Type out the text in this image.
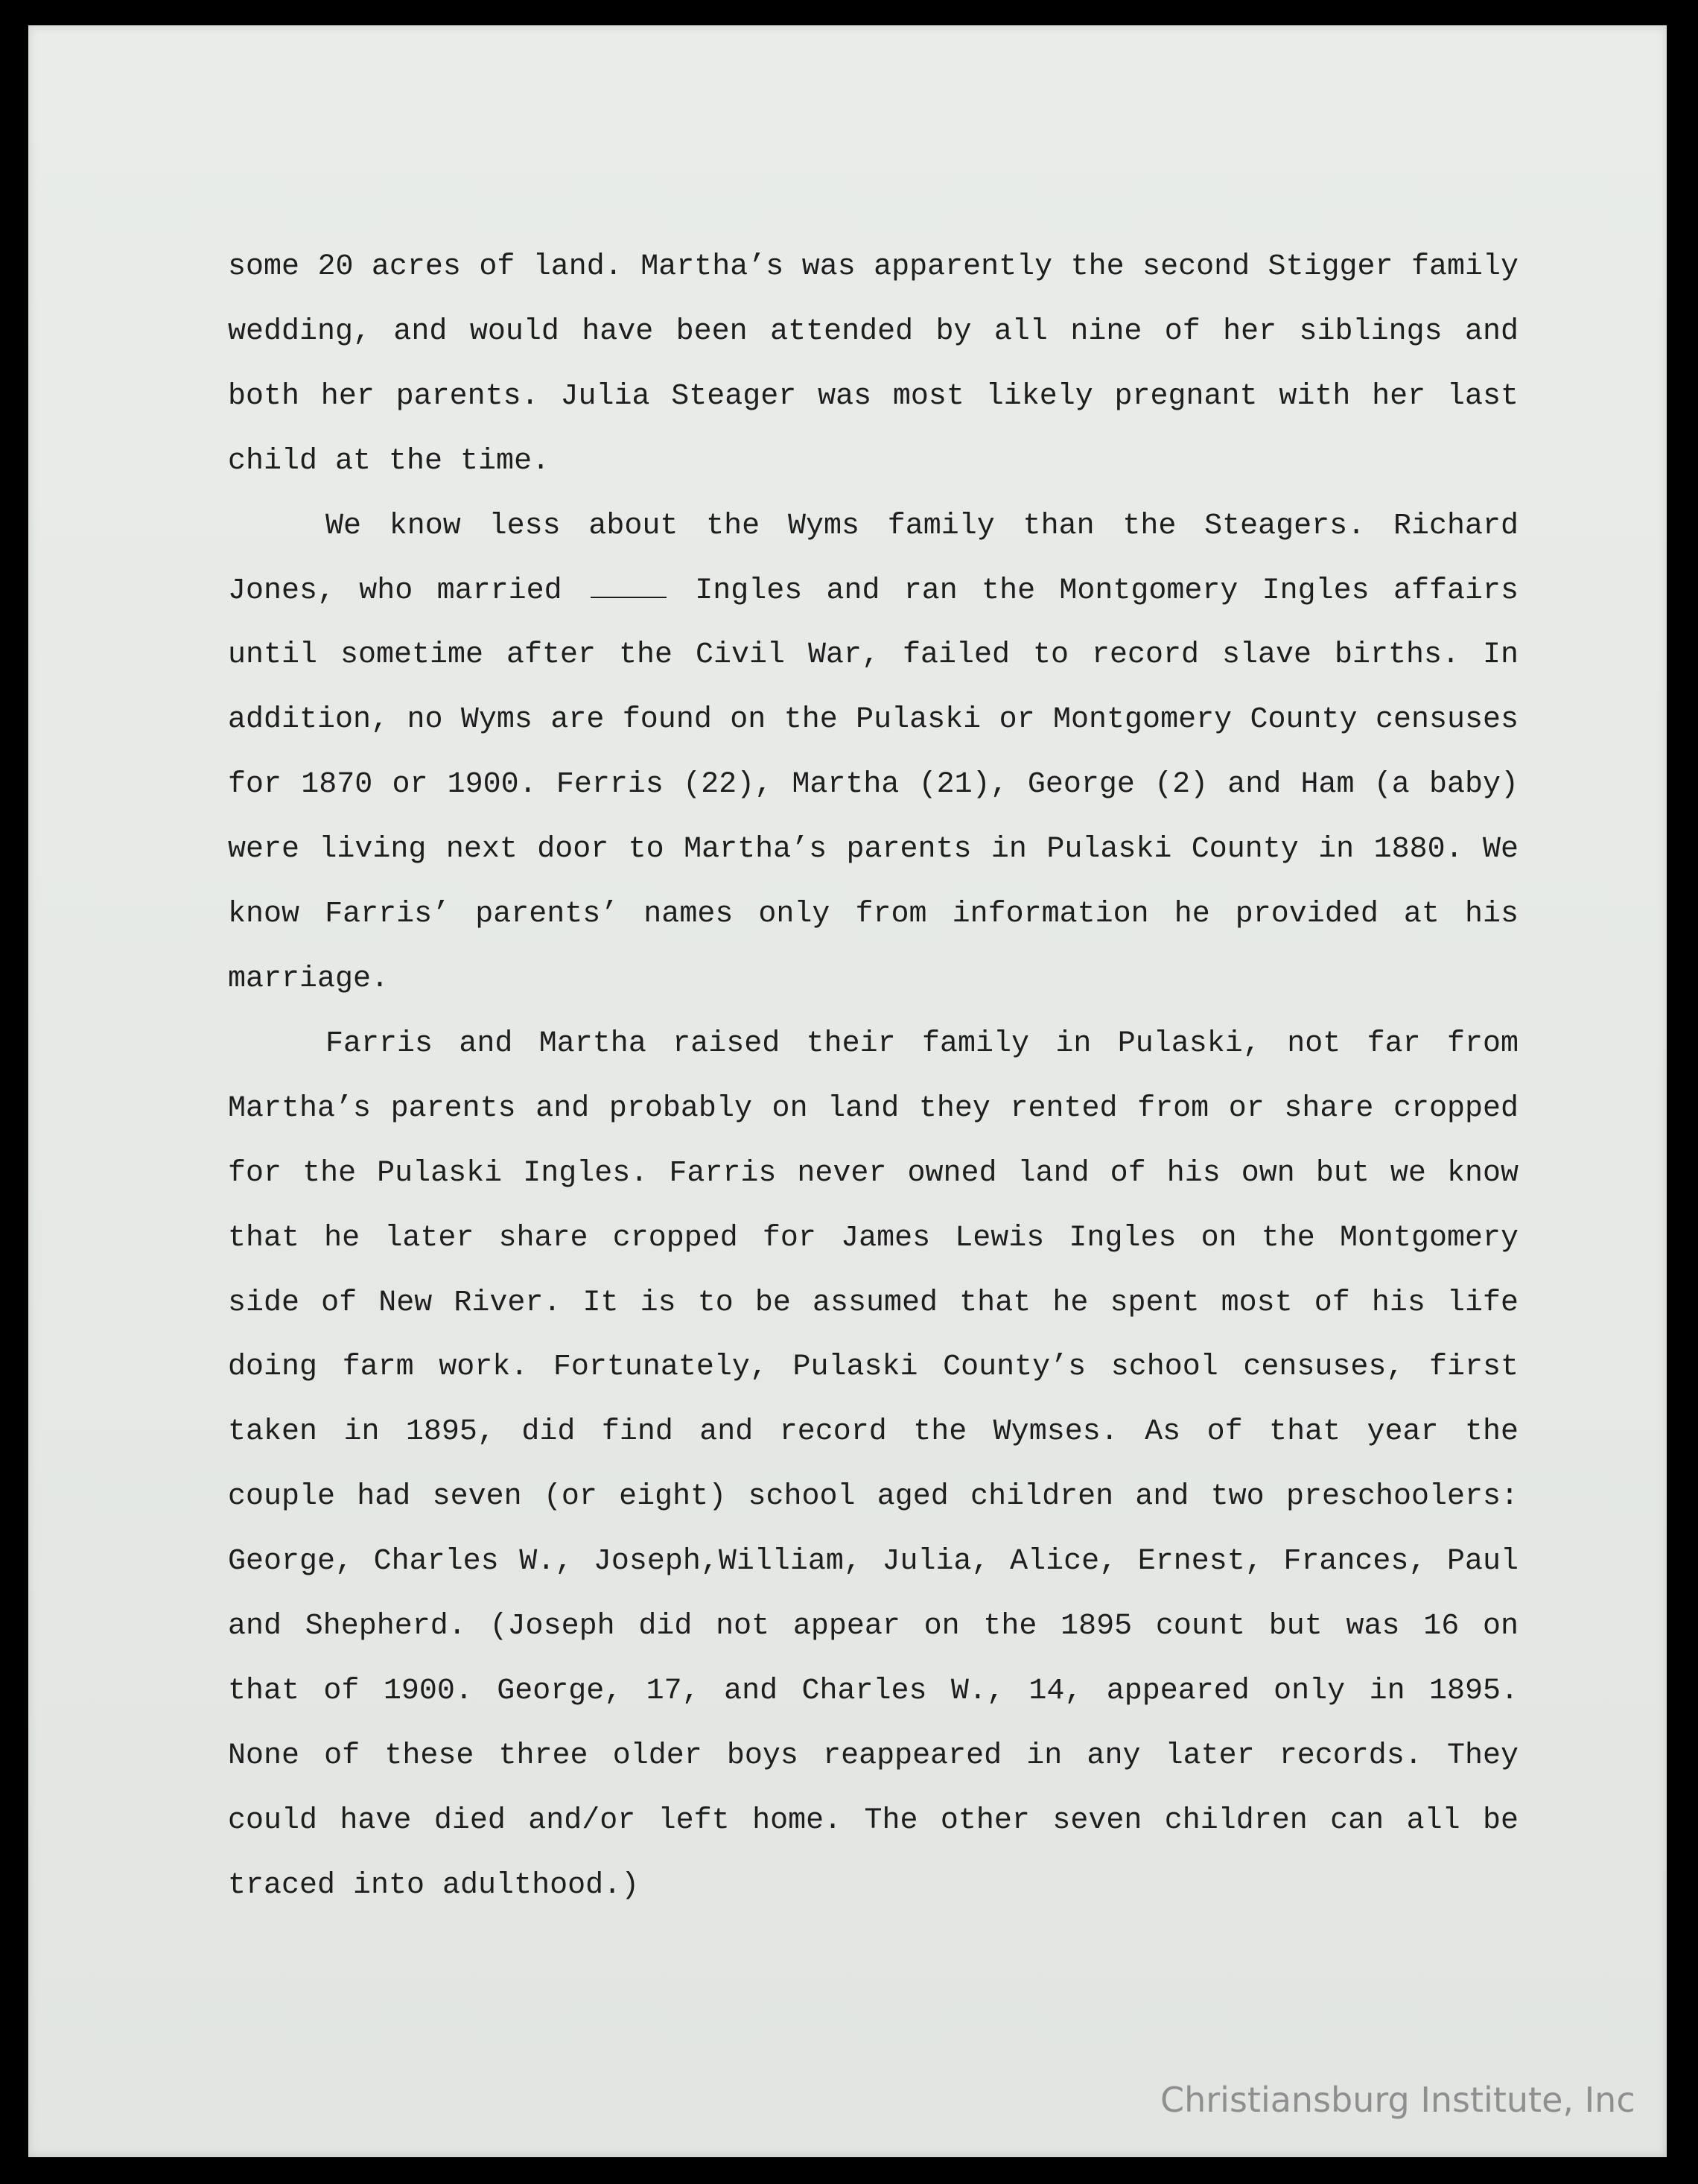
some 20 acres of land. Martha’s was apparently the second Stigger family wedding, and would have been attended by all nine of her siblings and both her parents. Julia Steager was most likely pregnant with her last child at the time.

We know less about the Wyms family than the Steagers. Richard Jones, who married	Ingles and ran the Montgomery Ingles affairs until sometime after the Civil War, failed to record slave births. In addition, no Wyms are found on the Pulaski or Montgomery County censuses for 1870 or 1900. Ferris (22), Martha (21), George (2) and Ham (a baby) were living next door to Martha’s parents in Pulaski County in 1880. We know Farris’ parents’ names only from information he provided at his marriage.

Farris and Martha raised their family in Pulaski, not far from Martha’s parents and probably on land they rented from or share cropped for the Pulaski Ingles. Farris never owned land of his own but we know that he later share cropped for James Lewis Ingles on the Montgomery side of New River. It is to be assumed that he spent most of his life doing farm work. Fortunately, Pulaski County’s school censuses, first taken in 1895, did find and record the Wymses. As of that year the couple had seven (or eight) school aged children and two preschoolers: George, Charles W., Joseph,William, Julia, Alice, Ernest, Frances, Paul and Shepherd. (Joseph did not appear on the 1895 count but was 16 on that of 1900. George, 17, and Charles W., 14, appeared only in 1895. None of these three older boys reappeared in any later records. They could have died and/or left home. The other seven children can all be traced into adulthood.)

Christiansburg Institute, Inc
